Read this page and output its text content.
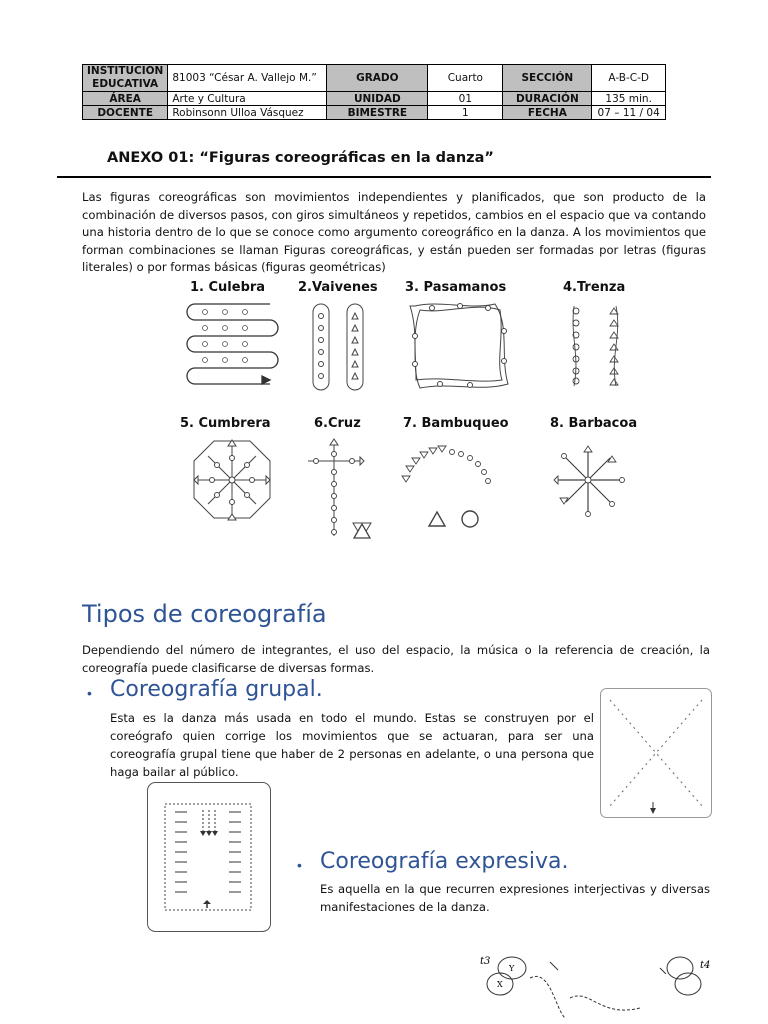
INSTITUCIÓN EDUCATIVA	81003 “César A. Vallejo M.”	GRADO	Cuarto	SECCIÓN	A-B-C-D
ÁREA	Arte y Cultura	UNIDAD	01	DURACIÓN	135 min.
DOCENTE	Robinsonn Ulloa Vásquez	BIMESTRE	1	FECHA	07 – 11 / 04
ANEXO 01: “Figuras coreográficas en la danza”
Las figuras coreográficas son movimientos independientes y planificados, que son producto de la combinación de diversos pasos, con giros simultáneos y repetidos, cambios en el espacio que va contando una historia dentro de lo que se conoce como argumento coreográfico en la danza. A los movimientos que forman combinaciones se llaman Figuras coreográficas, y están pueden ser formadas por letras (figuras literales) o por formas básicas (figuras geométricas)
1. Culebra	2.Vaivenes 3. Pasamanos	4.Trenza
5. Cumbrera	6.Cruz	7. Bambuqueo	8. Barbacoa
Tipos de coreografía
Dependiendo del número de integrantes, el uso del espacio, la música o la referencia de creación, la coreografía puede clasificarse de diversas formas.
• Coreografía grupal.
Esta es la danza más usada en todo el mundo. Estas se construyen por el coreógrafo quien corrige los movimientos que se actuaran, para ser una coreografía grupal tiene que haber de 2 personas en adelante, o una persona que haga bailar al público.
• Coreografía expresiva.
Es aquella en la que recurren expresiones interjectivas y diversas manifestaciones de la danza.
t3	t4
Y
X
